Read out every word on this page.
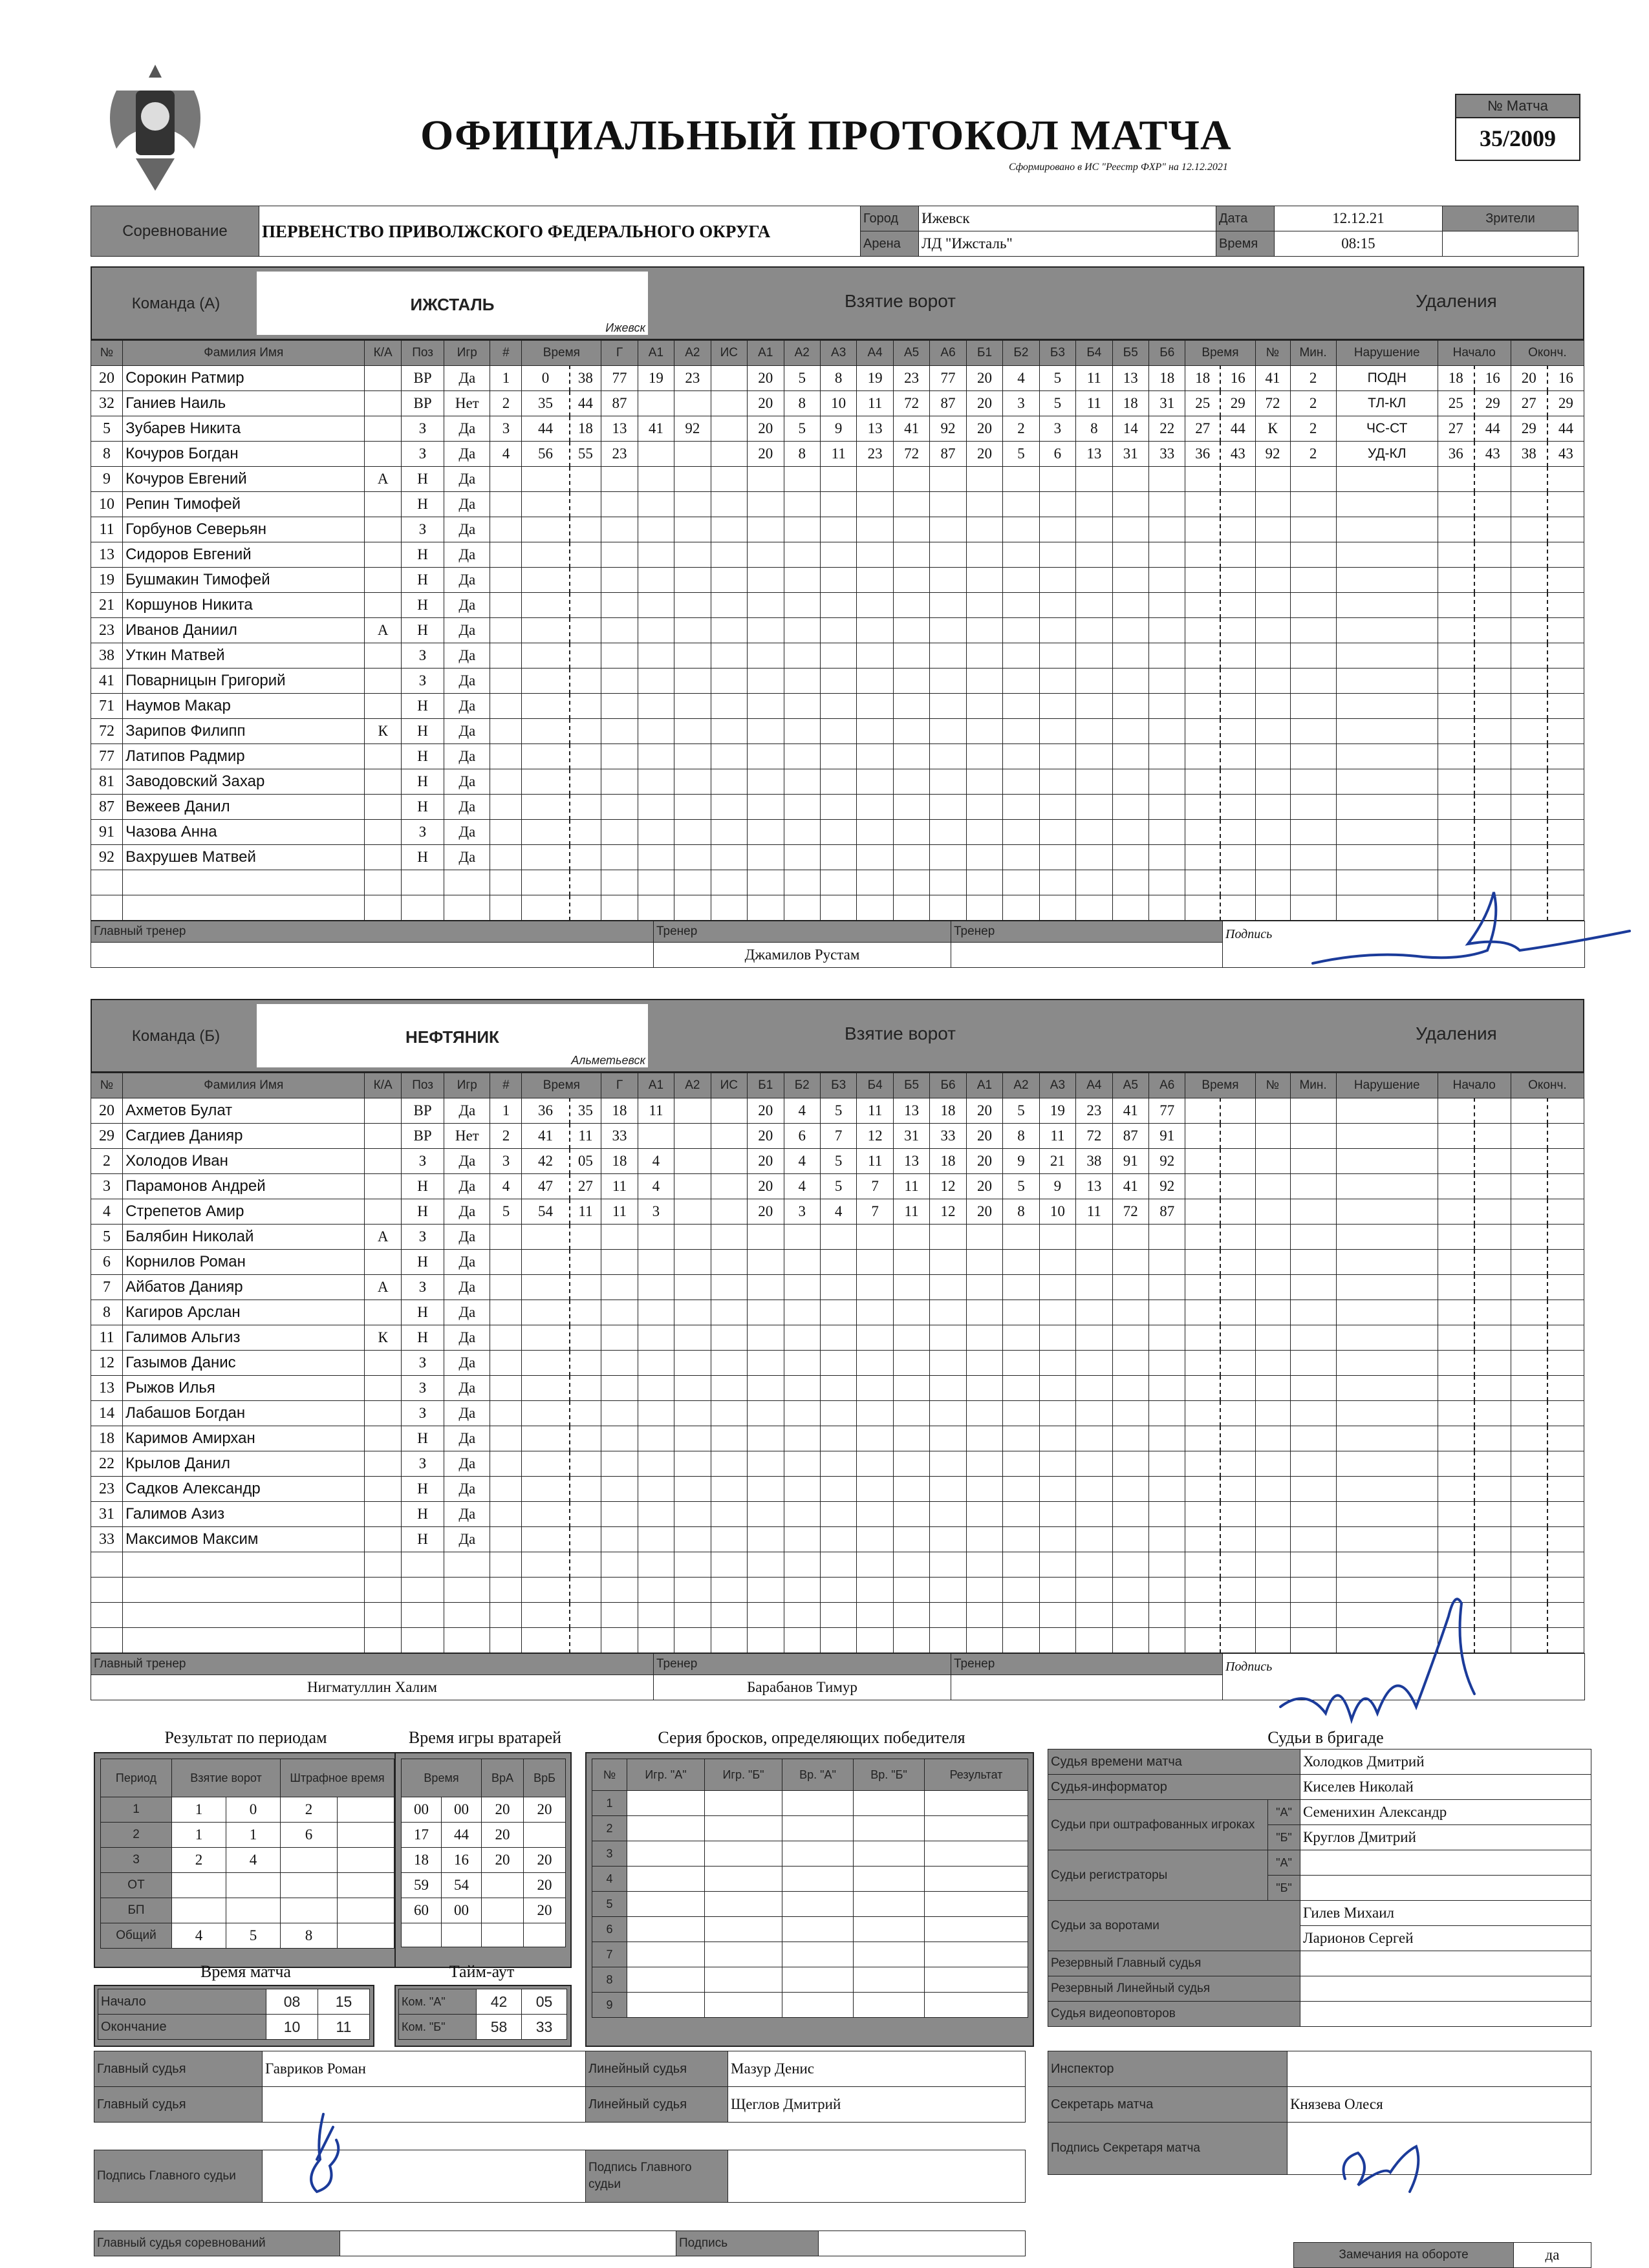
ОФИЦИАЛЬНЫЙ ПРОТОКОЛ МАТЧА
Сформировано в ИС "Реестр ФХР" на 12.12.2021
№ Матча
35/2009
Соревнование	ПЕРВЕНСТВО ПРИВОЛЖСКОГО ФЕДЕРАЛЬНОГО ОКРУГА	Город	Ижевск	Дата	12.12.21	Зрители
		Арена	ЛД "Ижсталь"	Время	08:15	
Команда (А)	ИЖСТАЛЬ
Ижевск
Взятие ворот	Удаления
№	Фамилия Имя	К/А	Поз	Игр	#	Время		Г	А1	А2	ИС	А1	А2	А3	А4	А5	А6	Б1	Б2	Б3	Б4	Б5	Б6	Время		№	Мин.	Нарушение	Начало		Оконч.	
20	Сорокин Ратмир		ВР	Да	1	0	38	77	19	23		20	5	8	19	23	77	20	4	5	11	13	18	18	16	41	2	ПОДН	18	16	20	16
32	Ганиев Наиль		ВР	Нет	2	35	44	87				20	8	10	11	72	87	20	3	5	11	18	31	25	29	72	2	ТЛ-КЛ	25	29	27	29
5	Зубарев Никита		З	Да	3	44	18	13	41	92		20	5	9	13	41	92	20	2	3	8	14	22	27	44	К	2	ЧС-СТ	27	44	29	44
8	Кочуров Богдан		З	Да	4	56	55	23				20	8	11	23	72	87	20	5	6	13	31	33	36	43	92	2	УД-КЛ	36	43	38	43
9	Кочуров Евгений	А	Н	Да																												
10	Репин Тимофей		Н	Да																												
11	Горбунов Северьян		З	Да																												
13	Сидоров Евгений		Н	Да																												
19	Бушмакин Тимофей		Н	Да																												
21	Коршунов Никита		Н	Да																												
23	Иванов Даниил	А	Н	Да																												
38	Уткин Матвей		З	Да																												
41	Поварницын Григорий		З	Да																												
71	Наумов Макар		Н	Да																												
72	Зарипов Филипп	К	Н	Да																												
77	Латипов Радмир		Н	Да																												
81	Заводовский Захар		Н	Да																												
87	Вежеев Данил		Н	Да																												
91	Чазова Анна		З	Да																												
92	Вахрушев Матвей		Н	Да																												

Главный тренер	Тренер	Тренер	Подпись
	Джамилов Рустам		
Команда (Б)	НЕФТЯНИК
Альметьевск
Взятие ворот	Удаления
№	Фамилия Имя	К/А	Поз	Игр	#	Время		Г	А1	А2	ИС	Б1	Б2	Б3	Б4	Б5	Б6	А1	А2	А3	А4	А5	А6	Время		№	Мин.	Нарушение	Начало		Оконч.	
20	Ахметов Булат		ВР	Да	1	36	35	18	11			20	4	5	11	13	18	20	5	19	23	41	77									
29	Сагдиев Данияр		ВР	Нет	2	41	11	33				20	6	7	12	31	33	20	8	11	72	87	91									
2	Холодов Иван		З	Да	3	42	05	18	4			20	4	5	11	13	18	20	9	21	38	91	92									
3	Парамонов Андрей		Н	Да	4	47	27	11	4			20	4	5	7	11	12	20	5	9	13	41	92									
4	Стрепетов Амир		Н	Да	5	54	11	11	3			20	3	4	7	11	12	20	8	10	11	72	87									
5	Балябин Николай	А	З	Да																												
6	Корнилов Роман		Н	Да																												
7	Айбатов Данияр	А	З	Да																												
8	Кагиров Арслан		Н	Да																												
11	Галимов Альгиз	К	Н	Да																												
12	Газымов Данис		З	Да																												
13	Рыжов Илья		З	Да																												
14	Лабашов Богдан		З	Да																												
18	Каримов Амирхан		Н	Да																												
22	Крылов Данил		З	Да																												
23	Садков Александр		Н	Да																												
31	Галимов Азиз		Н	Да																												
33	Максимов Максим		Н	Да																												

Главный тренер	Тренер	Тренер	Подпись
Нигматуллин Халим	Барабанов Тимур		
Результат по периодам
Период	Взятие ворот		Штрафное время	
1	1	0	2	
2	1	1	6	
3	2	4		
ОТ				
БП				
Общий	4	5	8	
Время игры вратарей
Время		ВрА	ВрБ
00	00	20	20
17	44	20	
18	16	20	20
59	54		20
60	00		20

Время матча
Начало	08	15
Окончание	10	11
Тайм-аут
Ком. "А"	42	05
Ком. "Б"	58	33
Серия бросков, определяющих победителя
№	Игр. "А"	Игр. "Б"	Вр. "А"	Вр. "Б"	Результат
1					
2					
3					
4					
5					
6					
7					
8					
9					
Судьи в бригаде
Судья времени матча		Холодков Дмитрий
Судья-информатор		Киселев Николай
Судьи при оштрафованных игроках	"А"	Семенихин Александр
	"Б"	Круглов Дмитрий
Судьи регистраторы	"А"	
	"Б"	
Судьи за воротами		Гилев Михаил
		Ларионов Сергей
Резервный Главный судья		
Резервный Линейный судья		
Судья видеоповторов		
Главный судья	Гавриков Роман	Линейный судья	Мазур Денис
Главный судья		Линейный судья	Щеглов Дмитрий
Подпись Главного судьи		Подпись Главного судьи	
Главный судья соревнований		Подпись	
Инспектор	
Секретарь матча	Князева Олеся
Подпись Секретаря матча	
Замечания на обороте	да
